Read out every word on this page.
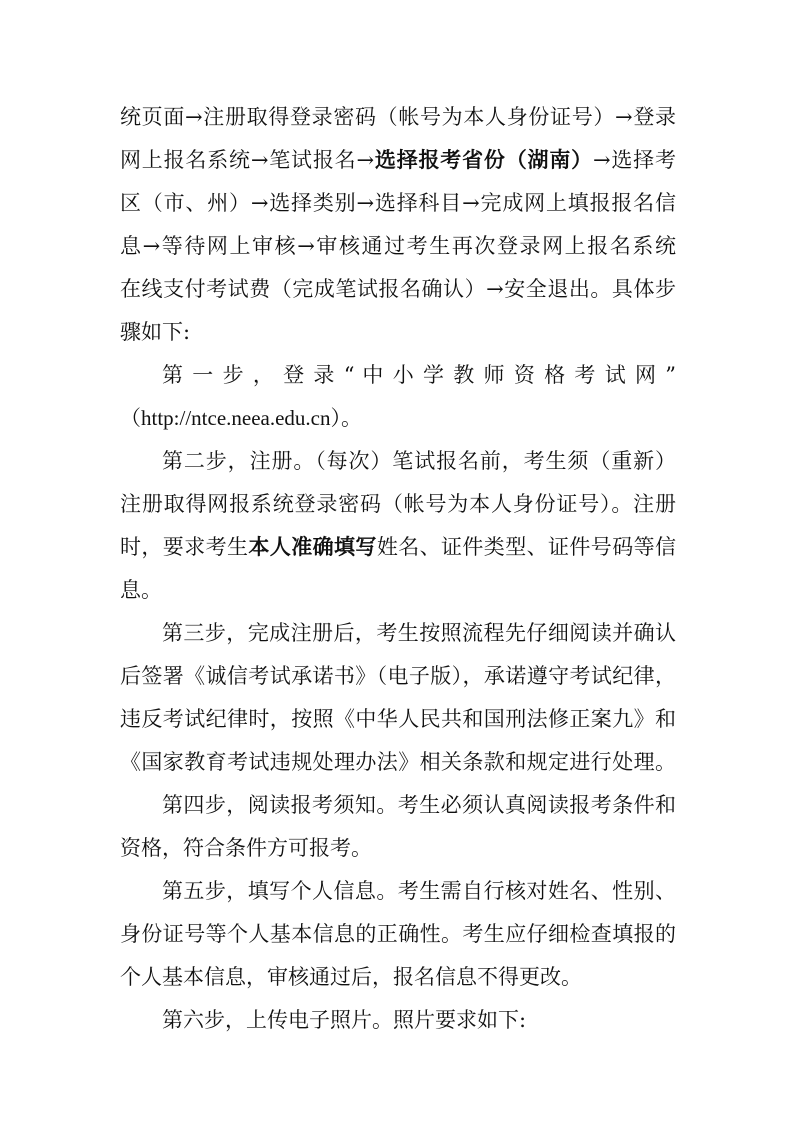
统页面→注册取得登录密码（帐号为本人身份证号）→登录
网上报名系统→笔试报名→选择报考省份（湖南）→选择考
区（市、州）→选择类别→选择科目→完成网上填报报名信
息→等待网上审核→审核通过考生再次登录网上报名系统
在线支付考试费（完成笔试报名确认）→安全退出。具体步
骤如下:
第 一 步 ， 登 录 “ 中 小 学 教 师 资 格 考 试 网 ”
（http://ntce.neea.edu.cn）。
第二步，注册。（每次）笔试报名前，考生须（重新）
注册取得网报系统登录密码（帐号为本人身份证号）。注册
时，要求考生本人准确填写姓名、证件类型、证件号码等信
息。
第三步，完成注册后，考生按照流程先仔细阅读并确认
后签署《诚信考试承诺书》（电子版），承诺遵守考试纪律，
违反考试纪律时，按照《中华人民共和国刑法修正案九》和
《国家教育考试违规处理办法》相关条款和规定进行处理。
第四步，阅读报考须知。考生必须认真阅读报考条件和
资格，符合条件方可报考。
第五步，填写个人信息。考生需自行核对姓名、性别、
身份证号等个人基本信息的正确性。考生应仔细检查填报的
个人基本信息，审核通过后，报名信息不得更改。
第六步，上传电子照片。照片要求如下:
